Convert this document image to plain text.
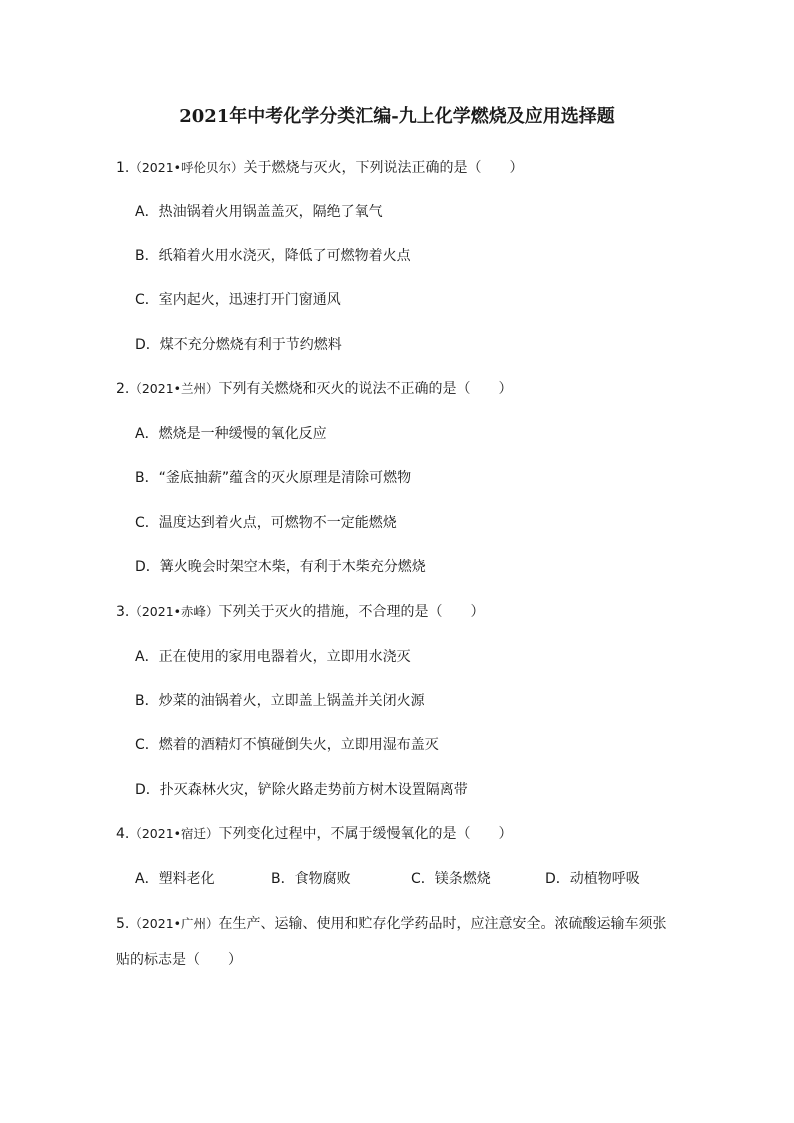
2021年中考化学分类汇编-九上化学燃烧及应用选择题
1.（2021•呼伦贝尔）关于燃烧与灭火，下列说法正确的是（　　）
A．热油锅着火用锅盖盖灭，隔绝了氧气
B．纸箱着火用水浇灭，降低了可燃物着火点
C．室内起火，迅速打开门窗通风
D．煤不充分燃烧有利于节约燃料
2.（2021•兰州）下列有关燃烧和灭火的说法不正确的是（　　）
A．燃烧是一种缓慢的氧化反应
B．“釜底抽薪”蕴含的灭火原理是清除可燃物
C．温度达到着火点，可燃物不一定能燃烧
D．篝火晚会时架空木柴，有利于木柴充分燃烧
3.（2021•赤峰）下列关于灭火的措施，不合理的是（　　）
A．正在使用的家用电器着火，立即用水浇灭
B．炒菜的油锅着火，立即盖上锅盖并关闭火源
C．燃着的酒精灯不慎碰倒失火，立即用湿布盖灭
D．扑灭森林火灾，铲除火路走势前方树木设置隔离带
4.（2021•宿迁）下列变化过程中，不属于缓慢氧化的是（　　）
A．塑料老化	B．食物腐败	C．镁条燃烧	D．动植物呼吸
5.（2021•广州）在生产、运输、使用和贮存化学药品时，应注意安全。浓硫酸运输车须张贴的标志是（　　）
